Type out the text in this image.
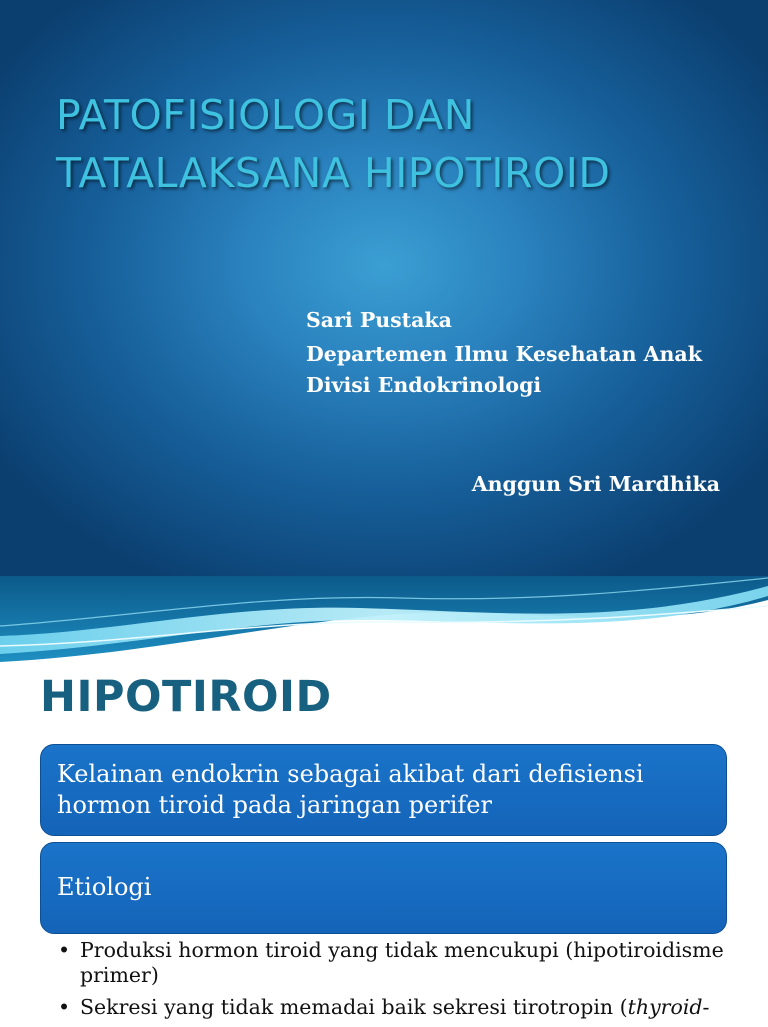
PATOFISIOLOGI DAN
TATALAKSANA HIPOTIROID
Sari Pustaka
Departemen Ilmu Kesehatan Anak
Divisi Endokrinologi
Anggun Sri Mardhika
HIPOTIROID
Kelainan endokrin sebagai akibat dari defisiensi hormon tiroid pada jaringan perifer
Etiologi
• Produksi hormon tiroid yang tidak mencukupi (hipotiroidisme primer)
• Sekresi yang tidak memadai baik sekresi tirotropin (thyroid-
